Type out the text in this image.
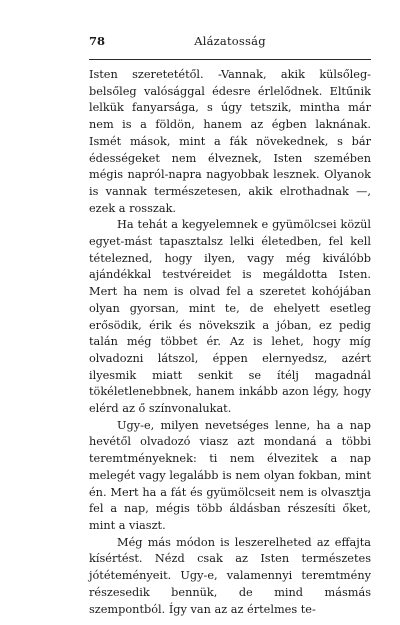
78	Alázatosság

Isten szeretetétől. -Vannak, akik külsőleg-belsőleg valósággal édesre érlelődnek. Eltűnik lelkük fanyarsága, s úgy tetszik, mintha már nem is a földön, hanem az égben laknának. Ismét mások, mint a fák növekednek, s bár édességeket nem élveznek, Isten szemében mégis napról-napra nagyobbak lesznek. Olyanok is vannak természetesen, akik elrothadnak —, ezek a rosszak.

Ha tehát a kegyelemnek e gyümölcsei közül egyet-mást tapasztalsz lelki életedben, fel kell tételezned, hogy ilyen, vagy még kiválóbb ajándékkal testvéreidet is megáldotta Isten. Mert ha nem is olvad fel a szeretet kohójában olyan gyorsan, mint te, de ehelyett esetleg erősödik, érik és növekszik a jóban, ez pedig talán még többet ér. Az is lehet, hogy míg olvadozni látszol, éppen elernyedsz, azért ilyesmik miatt senkit se ítélj magadnál tökéletlenebbnek, hanem inkább azon légy, hogy elérd az ő színvonalukat.

Ugy-e, milyen nevetséges lenne, ha a nap hevétől olvadozó viasz azt mondaná a többi teremtményeknek: ti nem élvezitek a nap melegét vagy legalább is nem olyan fokban, mint én. Mert ha a fát és gyümölcseit nem is olvasztja fel a nap, mégis több áldásban részesíti őket, mint a viaszt.

Még más módon is leszerelheted az effajta kísértést. Nézd csak az Isten természetes jótéteményeit. Ugy-e, valamennyi teremtmény részesedik bennük, de mind másmás szempontból. Így van az az értelmes te-
